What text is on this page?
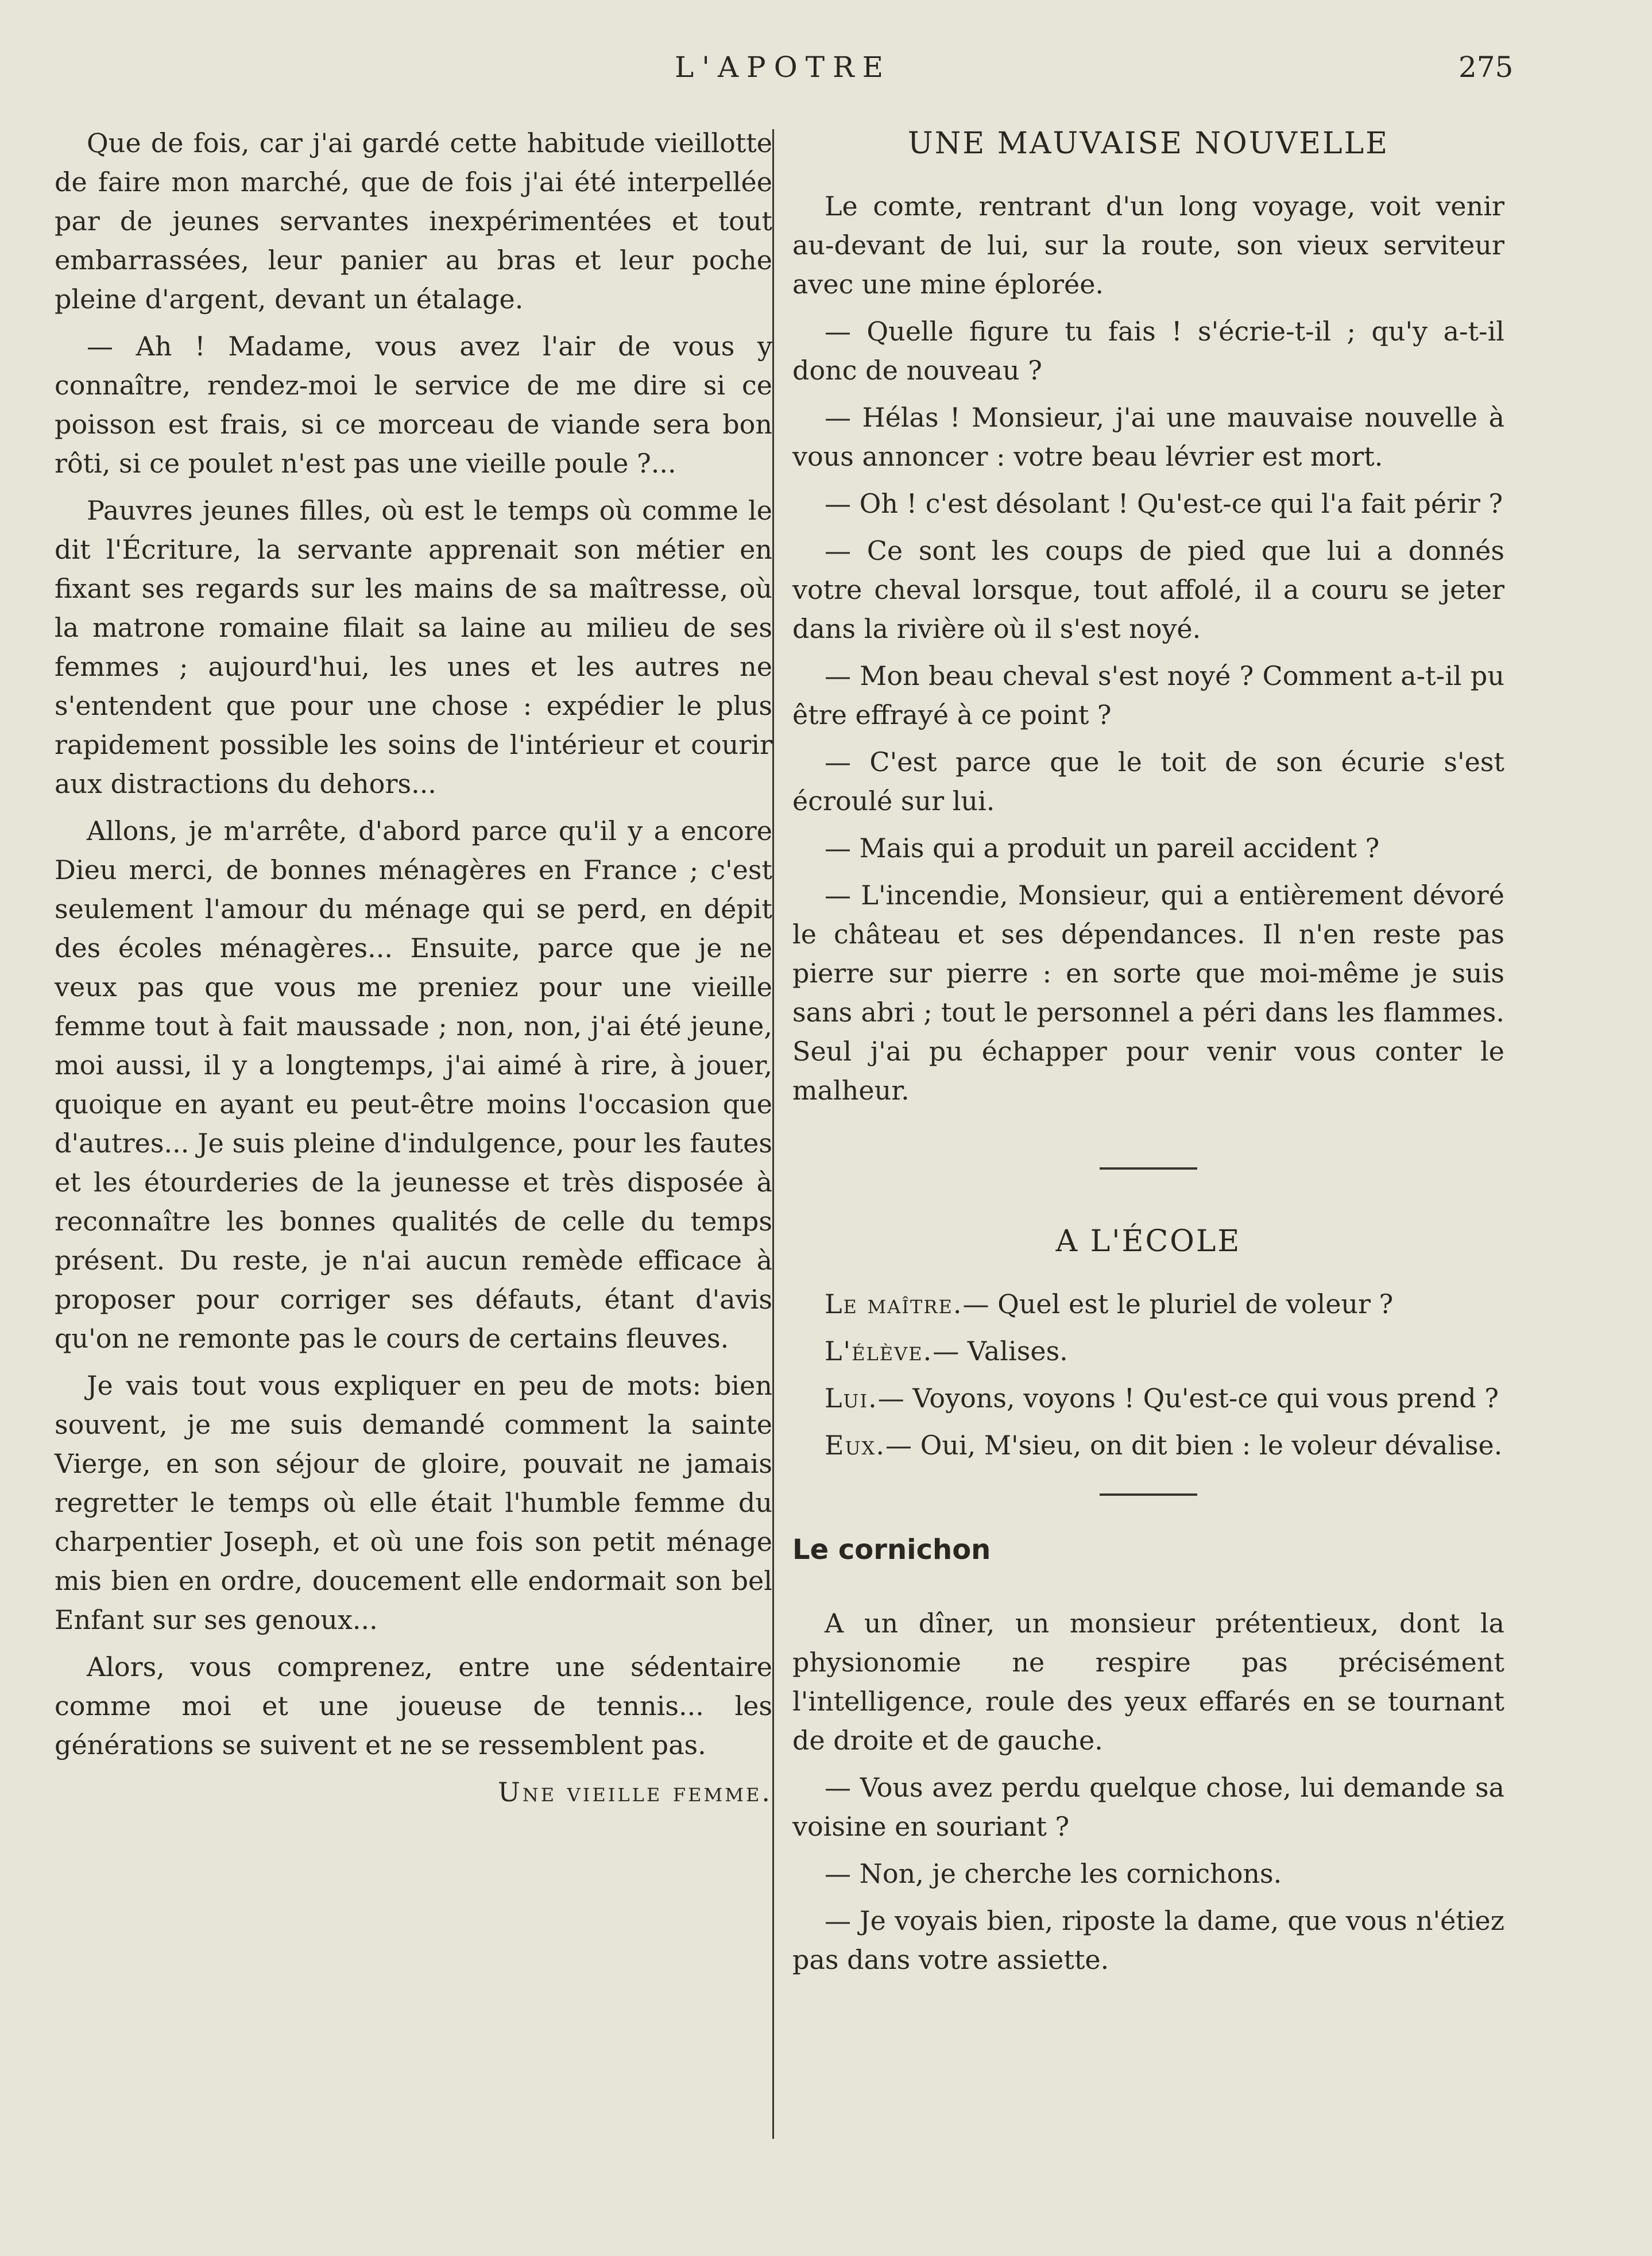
L'APOTRE	275

Que de fois, car j'ai gardé cette habitude vieillotte de faire mon marché, que de fois j'ai été interpellée par de jeunes servantes inexpérimentées et tout embarrassées, leur panier au bras et leur poche pleine d'argent, devant un étalage.

— Ah ! Madame, vous avez l'air de vous y connaître, rendez-moi le service de me dire si ce poisson est frais, si ce morceau de viande sera bon rôti, si ce poulet n'est pas une vieille poule ?...

Pauvres jeunes filles, où est le temps où comme le dit l'Écriture, la servante apprenait son métier en fixant ses regards sur les mains de sa maîtresse, où la matrone romaine filait sa laine au milieu de ses femmes ; aujourd'hui, les unes et les autres ne s'entendent que pour une chose : expédier le plus rapidement possible les soins de l'intérieur et courir aux distractions du dehors...

Allons, je m'arrête, d'abord parce qu'il y a encore Dieu merci, de bonnes ménagères en France ; c'est seulement l'amour du ménage qui se perd, en dépit des écoles ménagères... Ensuite, parce que je ne veux pas que vous me preniez pour une vieille femme tout à fait maussade ; non, non, j'ai été jeune, moi aussi, il y a longtemps, j'ai aimé à rire, à jouer, quoique en ayant eu peut-être moins l'occasion que d'autres... Je suis pleine d'indulgence, pour les fautes et les étourderies de la jeunesse et très disposée à reconnaître les bonnes qualités de celle du temps présent. Du reste, je n'ai aucun remède efficace à proposer pour corriger ses défauts, étant d'avis qu'on ne remonte pas le cours de certains fleuves.

Je vais tout vous expliquer en peu de mots: bien souvent, je me suis demandé comment la sainte Vierge, en son séjour de gloire, pouvait ne jamais regretter le temps où elle était l'humble femme du charpentier Joseph, et où une fois son petit ménage mis bien en ordre, doucement elle endormait son bel Enfant sur ses genoux...

Alors, vous comprenez, entre une sédentaire comme moi et une joueuse de tennis... les générations se suivent et ne se ressemblent pas.

Une vieille femme.

UNE MAUVAISE NOUVELLE

Le comte, rentrant d'un long voyage, voit venir au-devant de lui, sur la route, son vieux serviteur avec une mine éplorée.

— Quelle figure tu fais ! s'écrie-t-il ; qu'y a-t-il donc de nouveau ?

— Hélas ! Monsieur, j'ai une mauvaise nouvelle à vous annoncer : votre beau lévrier est mort.

— Oh ! c'est désolant ! Qu'est-ce qui l'a fait périr ?

— Ce sont les coups de pied que lui a donnés votre cheval lorsque, tout affolé, il a couru se jeter dans la rivière où il s'est noyé.

— Mon beau cheval s'est noyé ? Comment a-t-il pu être effrayé à ce point ?

— C'est parce que le toit de son écurie s'est écroulé sur lui.

— Mais qui a produit un pareil accident ?

— L'incendie, Monsieur, qui a entièrement dévoré le château et ses dépendances. Il n'en reste pas pierre sur pierre : en sorte que moi-même je suis sans abri ; tout le personnel a péri dans les flammes. Seul j'ai pu échapper pour venir vous conter le malheur.

A L'ÉCOLE

Le maître.— Quel est le pluriel de voleur ?

L'élève.— Valises.

Lui.— Voyons, voyons ! Qu'est-ce qui vous prend ?

Eux.— Oui, M'sieu, on dit bien : le voleur dévalise.

Le cornichon

A un dîner, un monsieur prétentieux, dont la physionomie ne respire pas précisément l'intelligence, roule des yeux effarés en se tournant de droite et de gauche.

— Vous avez perdu quelque chose, lui demande sa voisine en souriant ?

— Non, je cherche les cornichons.

— Je voyais bien, riposte la dame, que vous n'étiez pas dans votre assiette.
